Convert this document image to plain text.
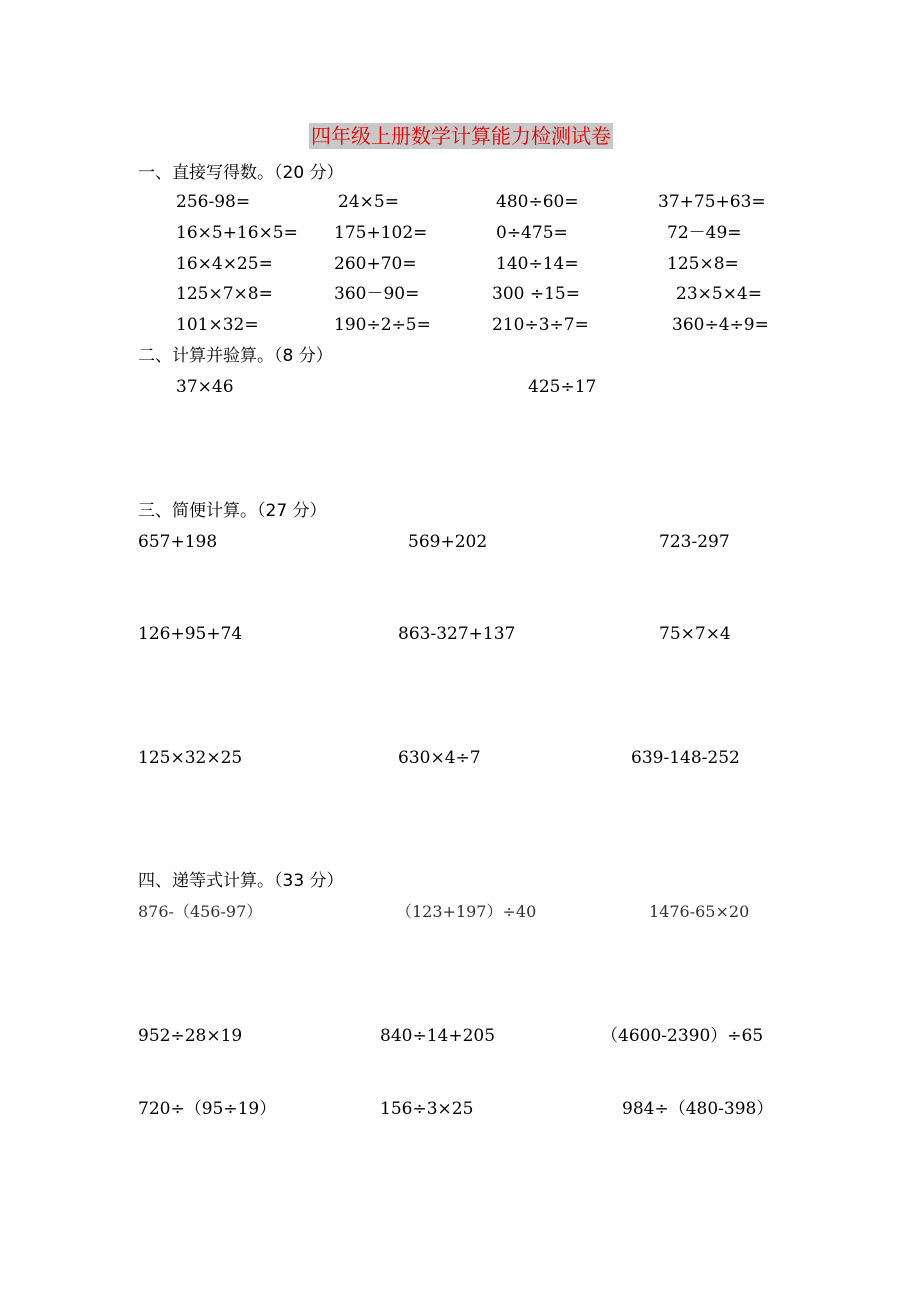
四年级上册数学计算能力检测试卷
一、直接写得数。（20 分）
256-98=	24×5=	480÷60=	37+75+63=
16×5+16×5= 175+102=	0÷475=	72－49=
16×4×25=	260+70=	140÷14=	125×8=
125×7×8=	360－90=	300 ÷15=	23×5×4=
101×32=	190÷2÷5=	210÷3÷7=	360÷4÷9=
二、计算并验算。（8 分）
37×46	425÷17
三、简便计算。（27 分）
657+198	569+202	723-297
126+95+74	863-327+137	75×7×4
125×32×25	630×4÷7	639-148-252
四、递等式计算。（33 分）
876-（456-97）	（123+197）÷40	1476-65×20
952÷28×19	840÷14+205	（4600-2390）÷65
720÷（95÷19）	156÷3×25	984÷（480-398）
